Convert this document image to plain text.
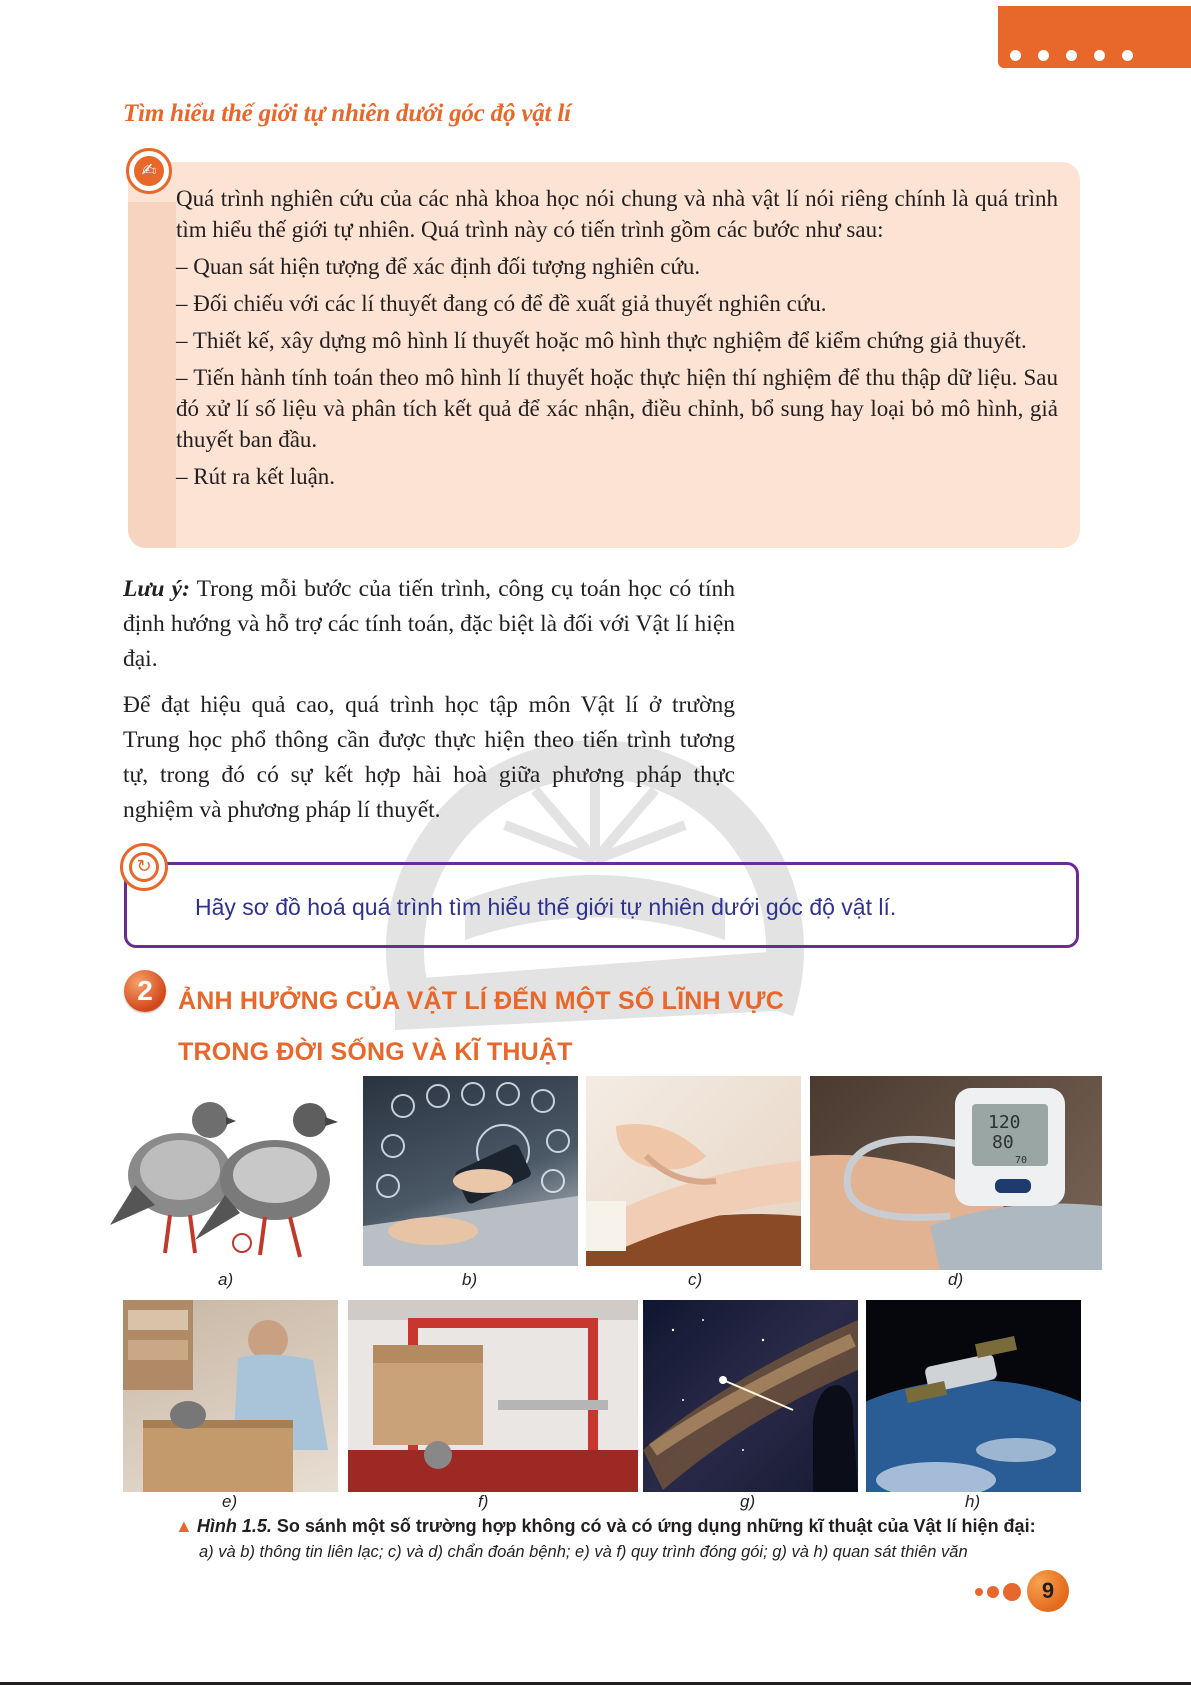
Tìm hiểu thế giới tự nhiên dưới góc độ vật lí
✍

Quá trình nghiên cứu của các nhà khoa học nói chung và nhà vật lí nói riêng chính là quá trình tìm hiểu thế giới tự nhiên. Quá trình này có tiến trình gồm các bước như sau:

– Quan sát hiện tượng để xác định đối tượng nghiên cứu.

– Đối chiếu với các lí thuyết đang có để đề xuất giả thuyết nghiên cứu.

– Thiết kế, xây dựng mô hình lí thuyết hoặc mô hình thực nghiệm để kiểm chứng giả thuyết.

– Tiến hành tính toán theo mô hình lí thuyết hoặc thực hiện thí nghiệm để thu thập dữ liệu. Sau đó xử lí số liệu và phân tích kết quả để xác nhận, điều chỉnh, bổ sung hay loại bỏ mô hình, giả thuyết ban đầu.

– Rút ra kết luận.

Lưu ý: Trong mỗi bước của tiến trình, công cụ toán học có tính định hướng và hỗ trợ các tính toán, đặc biệt là đối với Vật lí hiện đại.

Để đạt hiệu quả cao, quá trình học tập môn Vật lí ở trường Trung học phổ thông cần được thực hiện theo tiến trình tương tự, trong đó có sự kết hợp hài hoà giữa phương pháp thực nghiệm và phương pháp lí thuyết.

↻
Hãy sơ đồ hoá quá trình tìm hiểu thế giới tự nhiên dưới góc độ vật lí.
2	ẢNH HƯỞNG CỦA VẬT LÍ ĐẾN MỘT SỐ LĨNH VỰC
TRONG ĐỜI SỐNG VÀ KĨ THUẬT
a)	b)	c)
120
80
70
d)
e)	f)	g)	h)
▲ Hình 1.5. So sánh một số trường hợp không có và có ứng dụng những kĩ thuật của Vật lí hiện đại:
a) và b) thông tin liên lạc; c) và d) chẩn đoán bệnh; e) và f) quy trình đóng gói; g) và h) quan sát thiên văn
9
